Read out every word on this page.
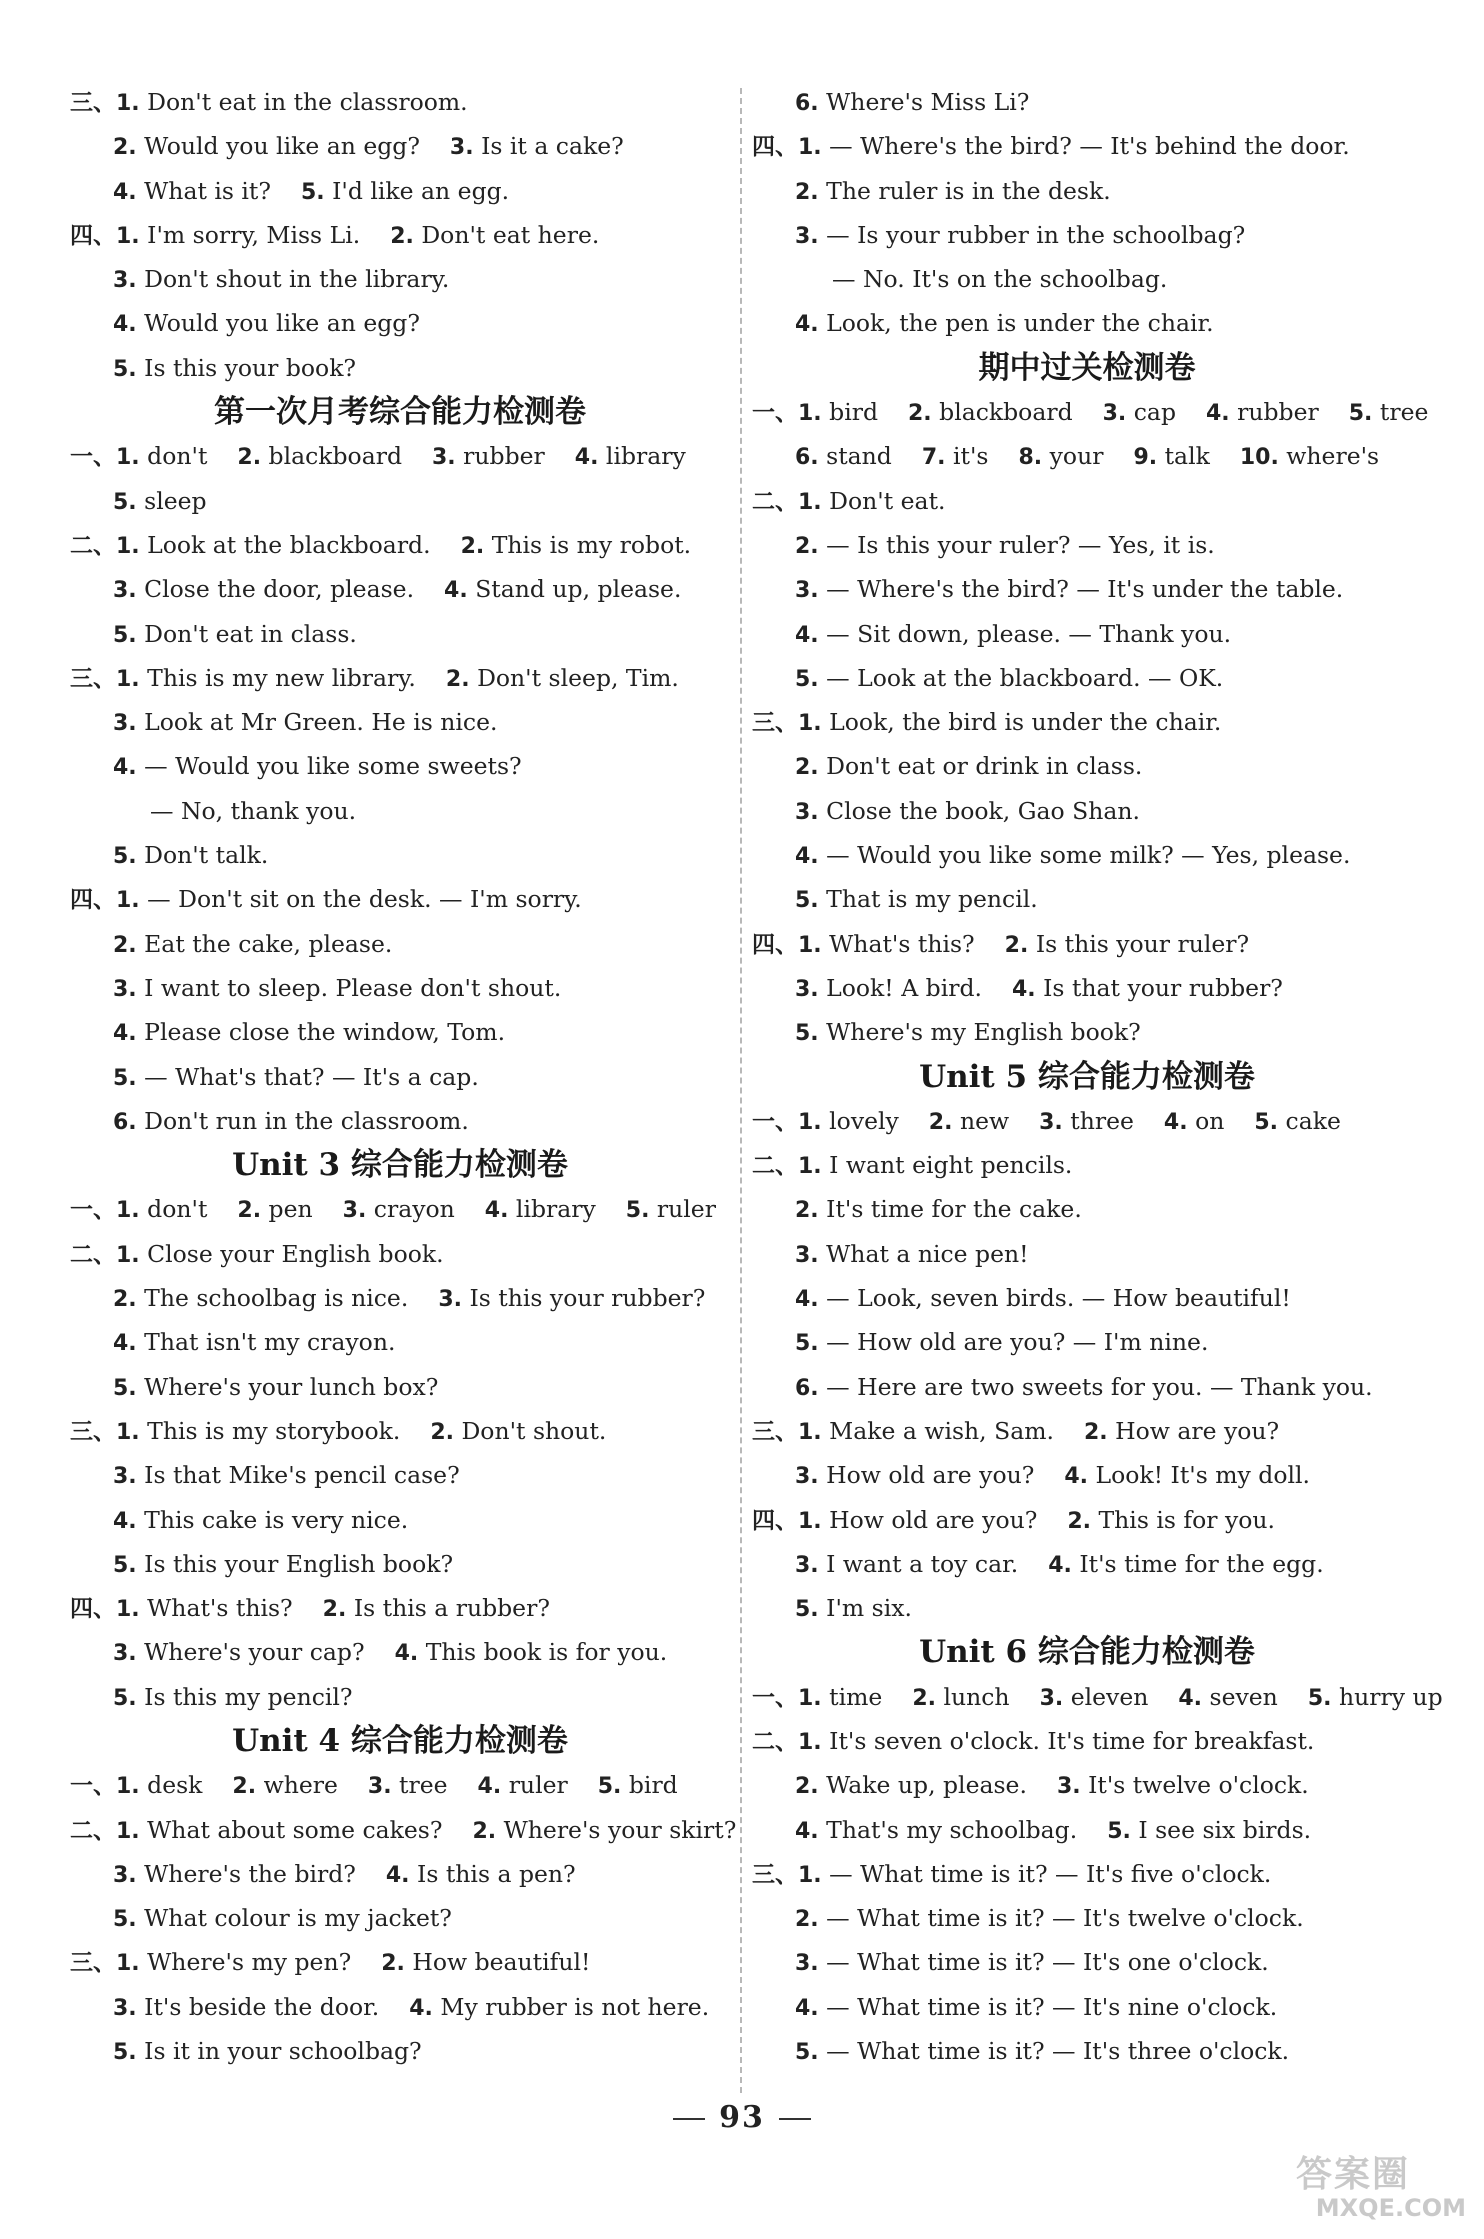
三、1. Don't eat in the classroom.
2. Would you like an egg? 3. Is it a cake?
4. What is it? 5. I'd like an egg.
四、1. I'm sorry, Miss Li. 2. Don't eat here.
3. Don't shout in the library.
4. Would you like an egg?
5. Is this your book?
第一次月考综合能力检测卷
一、1. don't 2. blackboard 3. rubber 4. library
5. sleep
二、1. Look at the blackboard. 2. This is my robot.
3. Close the door, please. 4. Stand up, please.
5. Don't eat in class.
三、1. This is my new library. 2. Don't sleep, Tim.
3. Look at Mr Green. He is nice.
4. — Would you like some sweets?
— No, thank you.
5. Don't talk.
四、1. — Don't sit on the desk. — I'm sorry.
2. Eat the cake, please.
3. I want to sleep. Please don't shout.
4. Please close the window, Tom.
5. — What's that? — It's a cap.
6. Don't run in the classroom.
Unit 3 综合能力检测卷
一、1. don't 2. pen 3. crayon 4. library 5. ruler
二、1. Close your English book.
2. The schoolbag is nice. 3. Is this your rubber?
4. That isn't my crayon.
5. Where's your lunch box?
三、1. This is my storybook. 2. Don't shout.
3. Is that Mike's pencil case?
4. This cake is very nice.
5. Is this your English book?
四、1. What's this? 2. Is this a rubber?
3. Where's your cap? 4. This book is for you.
5. Is this my pencil?
Unit 4 综合能力检测卷
一、1. desk 2. where 3. tree 4. ruler 5. bird
二、1. What about some cakes? 2. Where's your skirt?
3. Where's the bird? 4. Is this a pen?
5. What colour is my jacket?
三、1. Where's my pen? 2. How beautiful!
3. It's beside the door. 4. My rubber is not here.
5. Is it in your schoolbag?
6. Where's Miss Li?
四、1. — Where's the bird? — It's behind the door.
2. The ruler is in the desk.
3. — Is your rubber in the schoolbag?
— No. It's on the schoolbag.
4. Look, the pen is under the chair.
期中过关检测卷
一、1. bird 2. blackboard 3. cap 4. rubber 5. tree
6. stand 7. it's 8. your 9. talk 10. where's
二、1. Don't eat.
2. — Is this your ruler? — Yes, it is.
3. — Where's the bird? — It's under the table.
4. — Sit down, please. — Thank you.
5. — Look at the blackboard. — OK.
三、1. Look, the bird is under the chair.
2. Don't eat or drink in class.
3. Close the book, Gao Shan.
4. — Would you like some milk? — Yes, please.
5. That is my pencil.
四、1. What's this? 2. Is this your ruler?
3. Look! A bird. 4. Is that your rubber?
5. Where's my English book?
Unit 5 综合能力检测卷
一、1. lovely 2. new 3. three 4. on 5. cake
二、1. I want eight pencils.
2. It's time for the cake.
3. What a nice pen!
4. — Look, seven birds. — How beautiful!
5. — How old are you? — I'm nine.
6. — Here are two sweets for you. — Thank you.
三、1. Make a wish, Sam. 2. How are you?
3. How old are you? 4. Look! It's my doll.
四、1. How old are you? 2. This is for you.
3. I want a toy car. 4. It's time for the egg.
5. I'm six.
Unit 6 综合能力检测卷
一、1. time 2. lunch 3. eleven 4. seven 5. hurry up
二、1. It's seven o'clock. It's time for breakfast.
2. Wake up, please. 3. It's twelve o'clock.
4. That's my schoolbag. 5. I see six birds.
三、1. — What time is it? — It's five o'clock.
2. — What time is it? — It's twelve o'clock.
3. — What time is it? — It's one o'clock.
4. — What time is it? — It's nine o'clock.
5. — What time is it? — It's three o'clock.
93
答案圈
MXQE.COM
